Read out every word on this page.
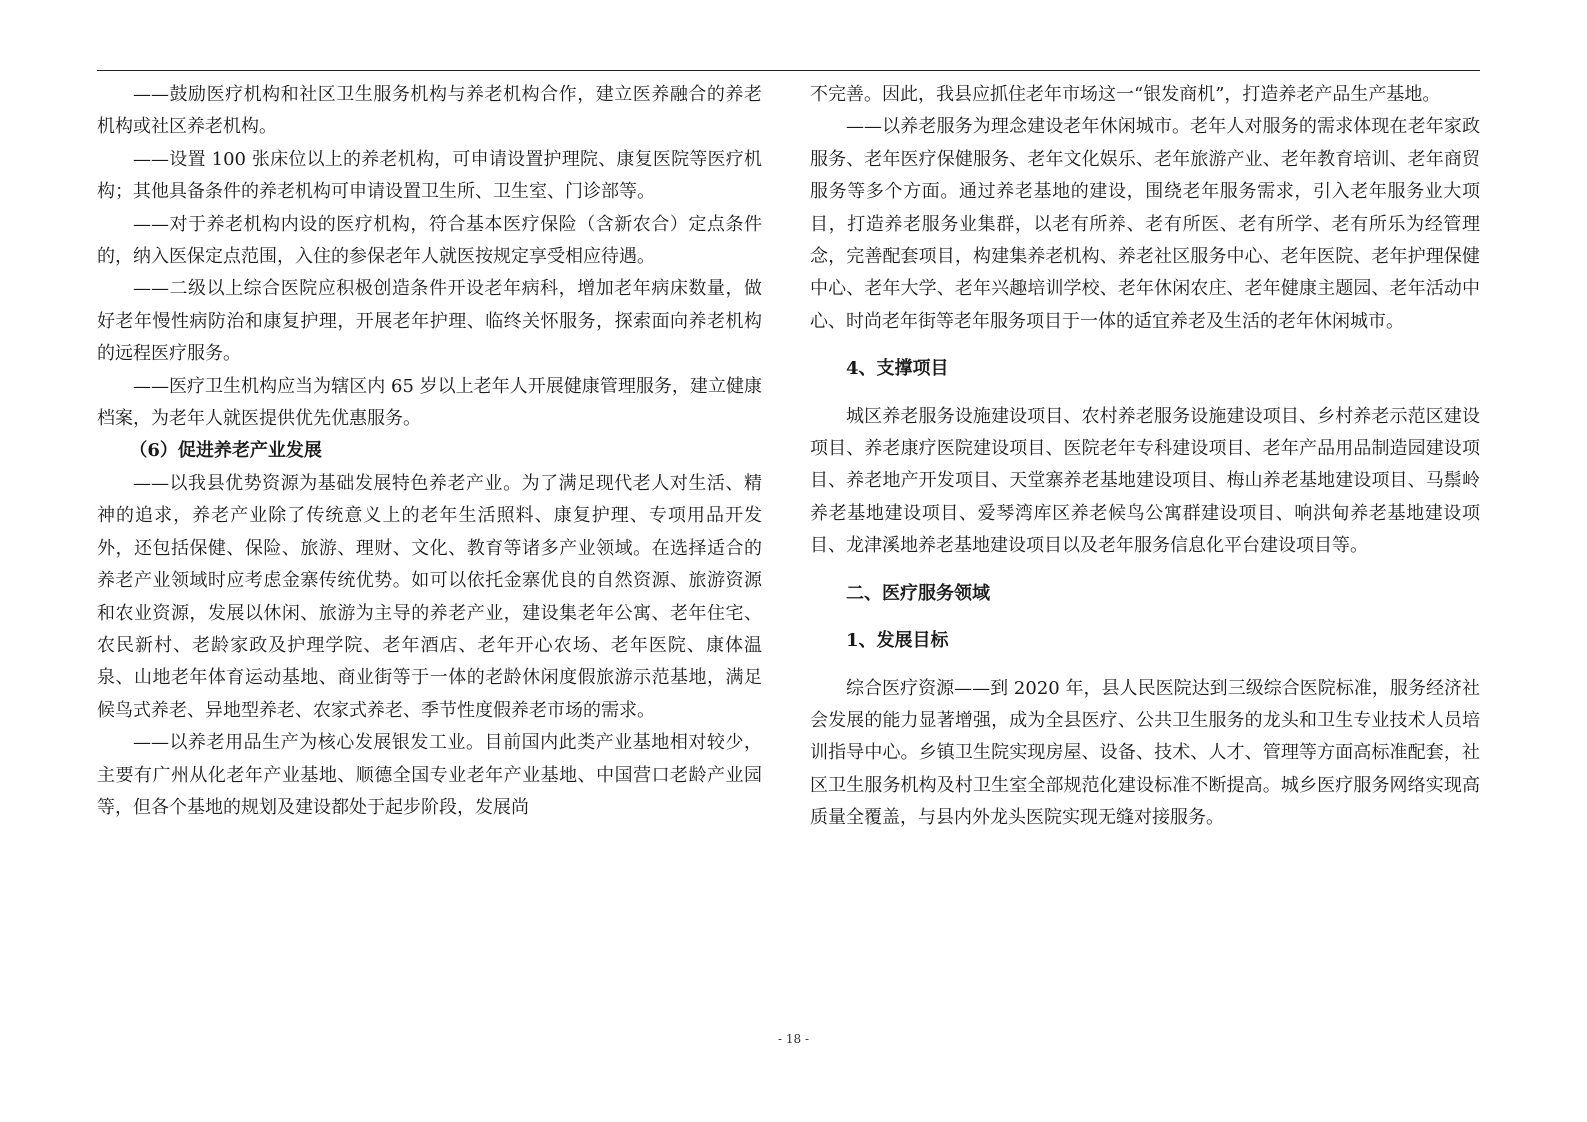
——鼓励医疗机构和社区卫生服务机构与养老机构合作，建立医养融合的养老机构或社区养老机构。

——设置 100 张床位以上的养老机构，可申请设置护理院、康复医院等医疗机构；其他具备条件的养老机构可申请设置卫生所、卫生室、门诊部等。

——对于养老机构内设的医疗机构，符合基本医疗保险（含新农合）定点条件的，纳入医保定点范围，入住的参保老年人就医按规定享受相应待遇。

——二级以上综合医院应积极创造条件开设老年病科，增加老年病床数量，做好老年慢性病防治和康复护理，开展老年护理、临终关怀服务，探索面向养老机构的远程医疗服务。

——医疗卫生机构应当为辖区内 65 岁以上老年人开展健康管理服务，建立健康档案，为老年人就医提供优先优惠服务。

（6）促进养老产业发展

——以我县优势资源为基础发展特色养老产业。为了满足现代老人对生活、精神的追求，养老产业除了传统意义上的老年生活照料、康复护理、专项用品开发外，还包括保健、保险、旅游、理财、文化、教育等诸多产业领域。在选择适合的养老产业领域时应考虑金寨传统优势。如可以依托金寨优良的自然资源、旅游资源和农业资源，发展以休闲、旅游为主导的养老产业，建设集老年公寓、老年住宅、农民新村、老龄家政及护理学院、老年酒店、老年开心农场、老年医院、康体温泉、山地老年体育运动基地、商业街等于一体的老龄休闲度假旅游示范基地，满足候鸟式养老、异地型养老、农家式养老、季节性度假养老市场的需求。

——以养老用品生产为核心发展银发工业。目前国内此类产业基地相对较少，主要有广州从化老年产业基地、顺德全国专业老年产业基地、中国营口老龄产业园等，但各个基地的规划及建设都处于起步阶段，发展尚

不完善。因此，我县应抓住老年市场这一“银发商机”，打造养老产品生产基地。

——以养老服务为理念建设老年休闲城市。老年人对服务的需求体现在老年家政服务、老年医疗保健服务、老年文化娱乐、老年旅游产业、老年教育培训、老年商贸服务等多个方面。通过养老基地的建设，围绕老年服务需求，引入老年服务业大项目，打造养老服务业集群，以老有所养、老有所医、老有所学、老有所乐为经管理念，完善配套项目，构建集养老机构、养老社区服务中心、老年医院、老年护理保健中心、老年大学、老年兴趣培训学校、老年休闲农庄、老年健康主题园、老年活动中心、时尚老年街等老年服务项目于一体的适宜养老及生活的老年休闲城市。

4、支撑项目

城区养老服务设施建设项目、农村养老服务设施建设项目、乡村养老示范区建设项目、养老康疗医院建设项目、医院老年专科建设项目、老年产品用品制造园建设项目、养老地产开发项目、天堂寨养老基地建设项目、梅山养老基地建设项目、马鬃岭养老基地建设项目、爱琴湾库区养老候鸟公寓群建设项目、响洪甸养老基地建设项目、龙津溪地养老基地建设项目以及老年服务信息化平台建设项目等。

二、医疗服务领域
1、发展目标

综合医疗资源——到 2020 年，县人民医院达到三级综合医院标准，服务经济社会发展的能力显著增强，成为全县医疗、公共卫生服务的龙头和卫生专业技术人员培训指导中心。乡镇卫生院实现房屋、设备、技术、人才、管理等方面高标准配套，社区卫生服务机构及村卫生室全部规范化建设标准不断提高。城乡医疗服务网络实现高质量全覆盖，与县内外龙头医院实现无缝对接服务。

- 18 -
